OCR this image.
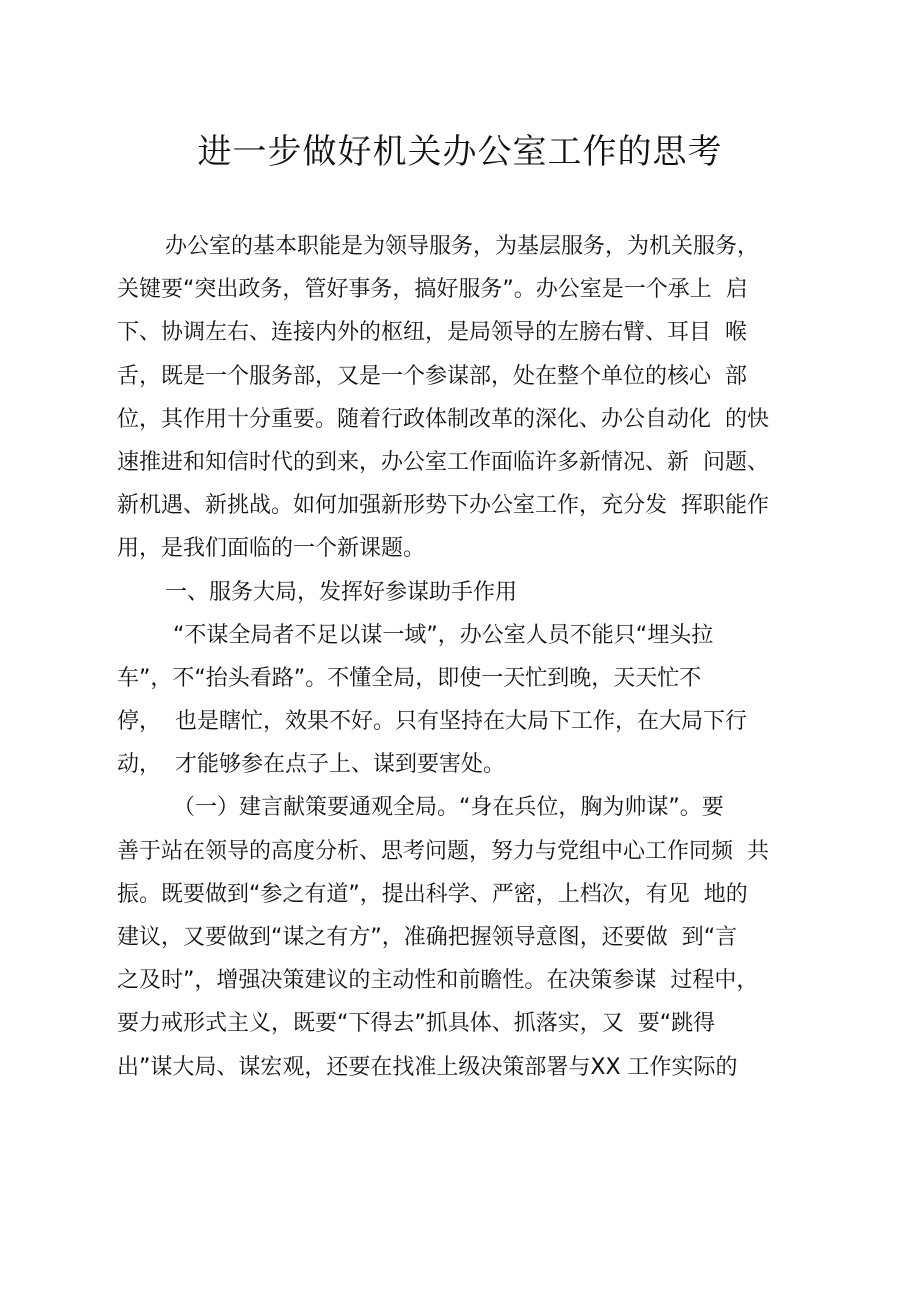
进一步做好机关办公室工作的思考
办公室的基本职能是为领导服务，为基层服务，为机关服务，
关键要“突出政务，管好事务，搞好服务”。办公室是一个承上  启
下、协调左右、连接内外的枢纽，是局领导的左膀右臂、耳目  喉
舌，既是一个服务部，又是一个参谋部，处在整个单位的核心  部
位，其作用十分重要。随着行政体制改革的深化、办公自动化  的快
速推进和知信时代的到来，办公室工作面临许多新情况、新  问题、
新机遇、新挑战。如何加强新形势下办公室工作，充分发  挥职能作
用，是我们面临的一个新课题。
一、服务大局，发挥好参谋助手作用
“不谋全局者不足以谋一域”，办公室人员不能只“埋头拉
车”，不“抬头看路”。不懂全局，即使一天忙到晚，天天忙不
停，  也是瞎忙，效果不好。只有坚持在大局下工作，在大局下行
动，  才能够参在点子上、谋到要害处。
（一）建言献策要通观全局。“身在兵位，胸为帅谋”。要
善于站在领导的高度分析、思考问题，努力与党组中心工作同频  共
振。既要做到“参之有道”，提出科学、严密，上档次，有见  地的
建议，又要做到“谋之有方”，准确把握领导意图，还要做  到“言
之及时”，增强决策建议的主动性和前瞻性。在决策参谋  过程中，
要力戒形式主义，既要“下得去”抓具体、抓落实，又  要“跳得
出”谋大局、谋宏观，还要在找准上级决策部署与XX 工作实际的
